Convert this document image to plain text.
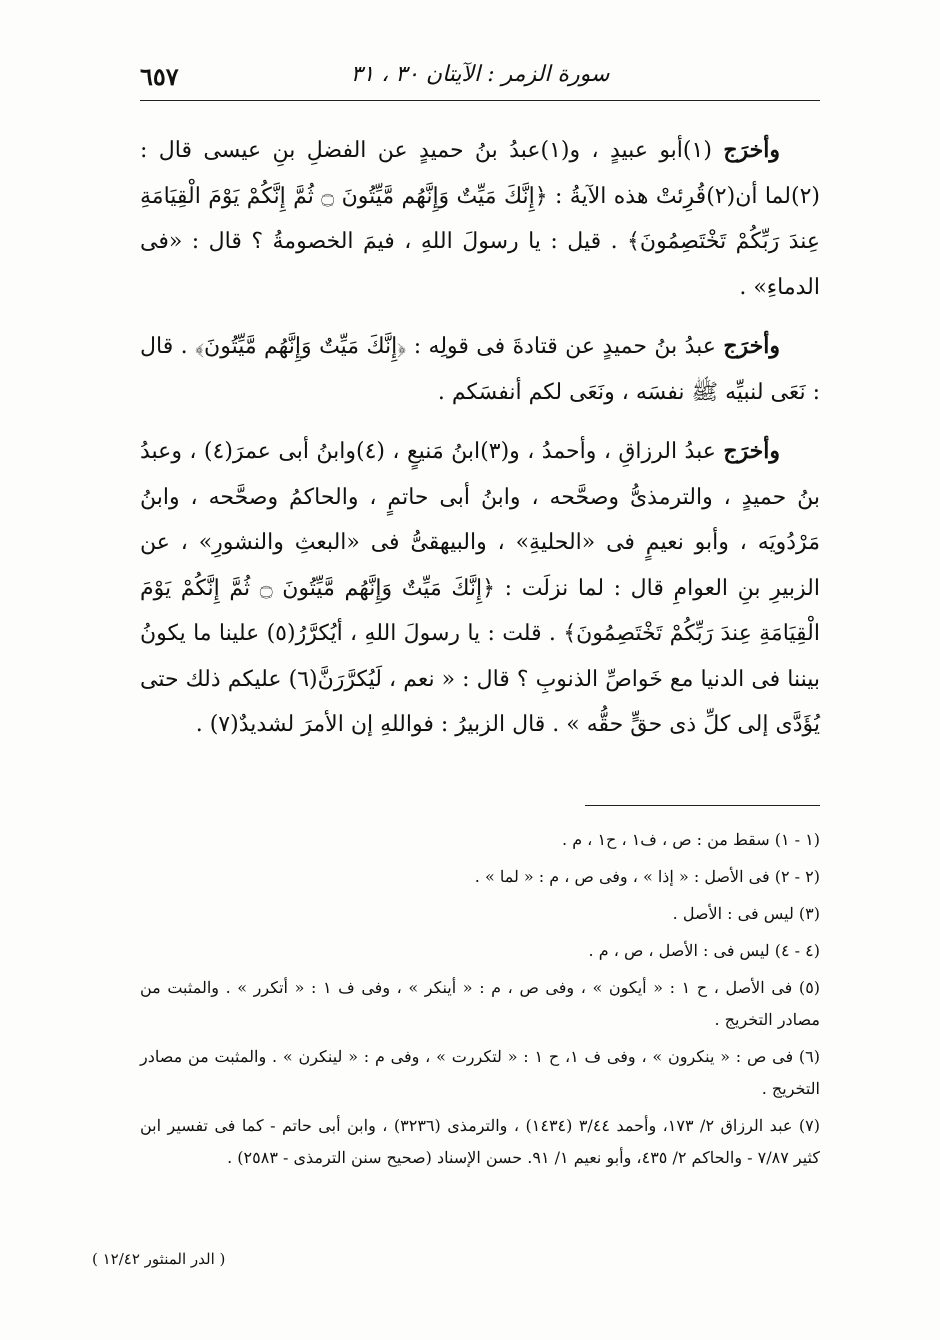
٦٥٧	سورة الزمر : الآيتان ٣٠ ، ٣١

وأخرَج (١)أبو عبيدٍ ، و(١)عبدُ بنُ حميدٍ عن الفضلِ بنِ عيسى قال : (٢)لما أن(٢)قُرِئتْ هذه الآيةُ : ﴿إِنَّكَ مَيِّتٌ وَإِنَّهُم مَّيِّتُونَ ۝ ثُمَّ إِنَّكُمْ يَوْمَ الْقِيَامَةِ عِندَ رَبِّكُمْ تَخْتَصِمُونَ﴾ . قيل : يا رسولَ اللهِ ، فيمَ الخصومةُ ؟ قال : «فى الدماءِ» .

وأخرَج عبدُ بنُ حميدٍ عن قتادةَ فى قولِه : ﴿إِنَّكَ مَيِّتٌ وَإِنَّهُم مَّيِّتُونَ﴾ . قال : نَعَى لنبيِّه ﷺ نفسَه ، ونَعَى لكم أنفسَكم .

وأخرَج عبدُ الرزاقِ ، وأحمدُ ، و(٣)ابنُ مَنيعٍ ، (٤)وابنُ أبى عمرَ(٤) ، وعبدُ بنُ حميدٍ ، والترمذىُّ وصحَّحه ، وابنُ أبى حاتمٍ ، والحاكمُ وصحَّحه ، وابنُ مَرْدُويَه ، وأبو نعيمٍ فى «الحليةِ» ، والبيهقىُّ فى «البعثِ والنشورِ» ، عن الزبيرِ بنِ العوامِ قال : لما نزلَت : ﴿إِنَّكَ مَيِّتٌ وَإِنَّهُم مَّيِّتُونَ ۝ ثُمَّ إِنَّكُمْ يَوْمَ الْقِيَامَةِ عِندَ رَبِّكُمْ تَخْتَصِمُونَ﴾ . قلت : يا رسولَ اللهِ ، أيُكرَّرُ(٥) علينا ما يكونُ بيننا فى الدنيا مع خَواصِّ الذنوبِ ؟ قال : « نعم ، لَيُكرَّرَنَّ(٦) عليكم ذلك حتى يُؤَدَّى إلى كلِّ ذى حقٍّ حقُّه » . قال الزبيرُ : فواللهِ إن الأمرَ لشديدٌ(٧) .

(١ - ١) سقط من : ص ، ف١ ، ح١ ، م .

(٢ - ٢) فى الأصل : « إذا » ، وفى ص ، م : « لما » .

(٣) ليس فى : الأصل .

(٤ - ٤) ليس فى : الأصل ، ص ، م .

(٥) فى الأصل ، ح ١ : « أيكون » ، وفى ص ، م : « أينكر » ، وفى ف ١ : « أتكرر » . والمثبت من مصادر التخريج .

(٦) فى ص : « ينكرون » ، وفى ف ١، ح ١ : « لتكررت » ، وفى م : « لينكرن » . والمثبت من مصادر التخريج .

(٧) عبد الرزاق ٢/ ١٧٣، وأحمد ٣/٤٤ (١٤٣٤) ، والترمذى (٣٢٣٦) ، وابن أبى حاتم - كما فى تفسير ابن كثير ٧/٨٧ - والحاكم ٢/ ٤٣٥، وأبو نعيم ١/ ٩١. حسن الإسناد (صحيح سنن الترمذى - ٢٥٨٣) .

( الدر المنثور ١٢/٤٢ )
